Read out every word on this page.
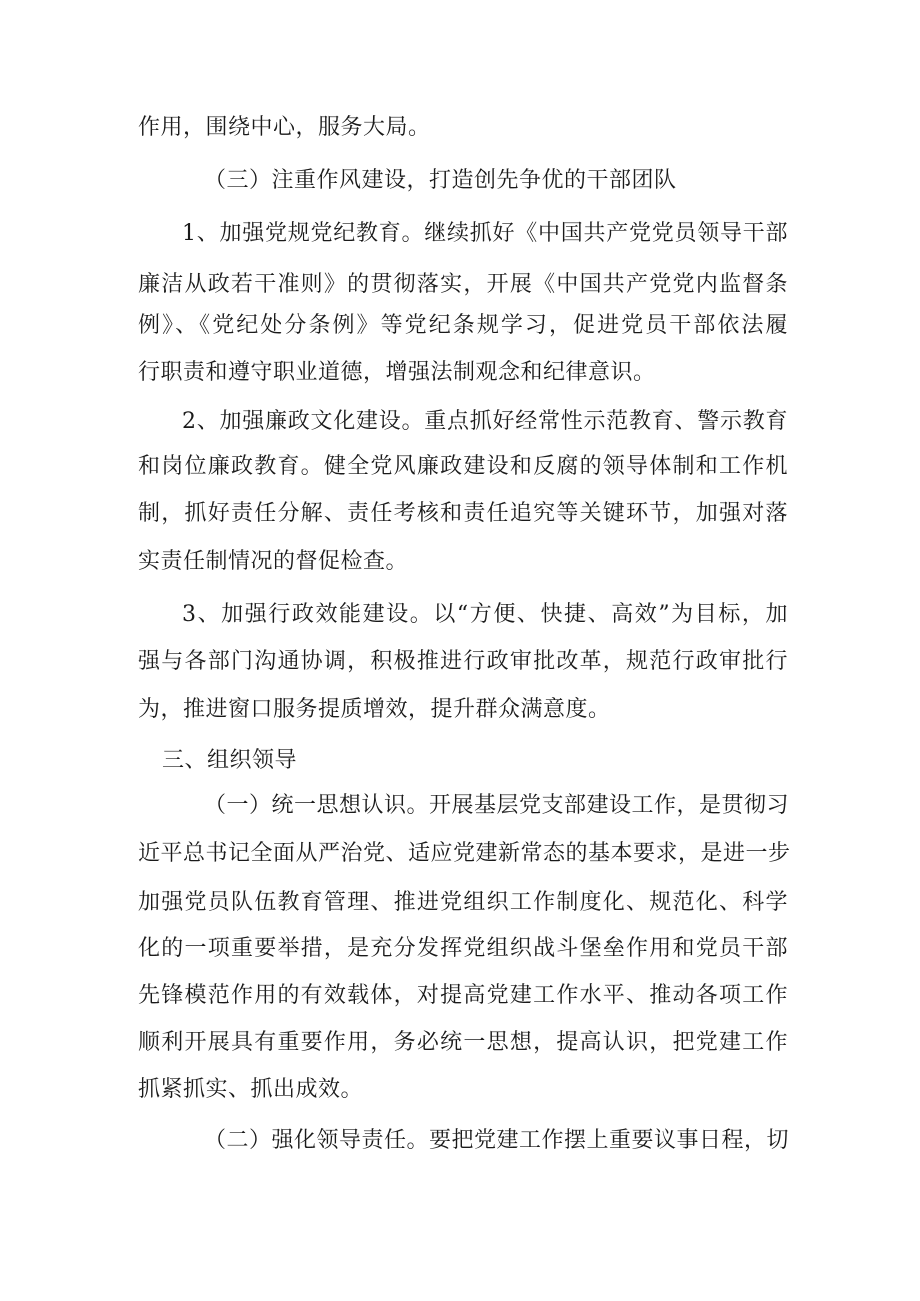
作用，围绕中心，服务大局。
（三）注重作风建设，打造创先争优的干部团队
1、加强党规党纪教育。继续抓好《中国共产党党员领导干部
廉洁从政若干准则》的贯彻落实，开展《中国共产党党内监督条
例》、《党纪处分条例》等党纪条规学习，促进党员干部依法履
行职责和遵守职业道德，增强法制观念和纪律意识。
2、加强廉政文化建设。重点抓好经常性示范教育、警示教育
和岗位廉政教育。健全党风廉政建设和反腐的领导体制和工作机
制，抓好责任分解、责任考核和责任追究等关键环节，加强对落
实责任制情况的督促检查。
3、加强行政效能建设。以“方便、快捷、高效”为目标，加
强与各部门沟通协调，积极推进行政审批改革，规范行政审批行
为，推进窗口服务提质增效，提升群众满意度。
三、组织领导
（一）统一思想认识。开展基层党支部建设工作，是贯彻习
近平总书记全面从严治党、适应党建新常态的基本要求，是进一步
加强党员队伍教育管理、推进党组织工作制度化、规范化、科学
化的一项重要举措，是充分发挥党组织战斗堡垒作用和党员干部
先锋模范作用的有效载体，对提高党建工作水平、推动各项工作
顺利开展具有重要作用，务必统一思想，提高认识，把党建工作
抓紧抓实、抓出成效。
（二）强化领导责任。要把党建工作摆上重要议事日程，切
